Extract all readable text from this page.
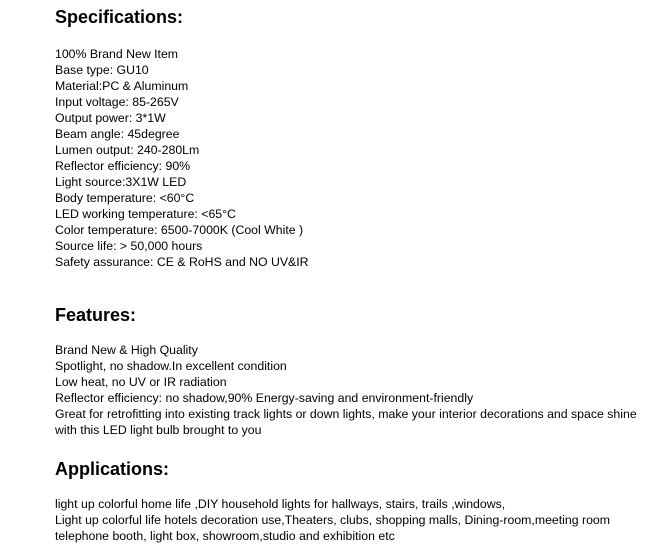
Specifications:
100% Brand New Item
Base type: GU10
Material:PC & Aluminum
Input voltage: 85-265V
Output power: 3*1W
Beam angle: 45degree
Lumen output: 240-280Lm
Reflector efficiency: 90%
Light source:3X1W LED
Body temperature: <60°C
LED working temperature: <65°C
Color temperature: 6500-7000K (Cool White )
Source life: > 50,000 hours
Safety assurance: CE & RoHS and NO UV&IR
Features:
Brand New & High Quality
Spotlight, no shadow.In excellent condition
Low heat, no UV or IR radiation
Reflector efficiency: no shadow,90% Energy-saving and environment-friendly
Great for retrofitting into existing track lights or down lights, make your interior decorations and space shine with this LED light bulb brought to you
Applications:
light up colorful home life ,DIY household lights for hallways, stairs, trails ,windows,
Light up colorful life hotels decoration use,Theaters, clubs, shopping malls, Dining-room,meeting room
telephone booth, light box, showroom,studio and exhibition etc
